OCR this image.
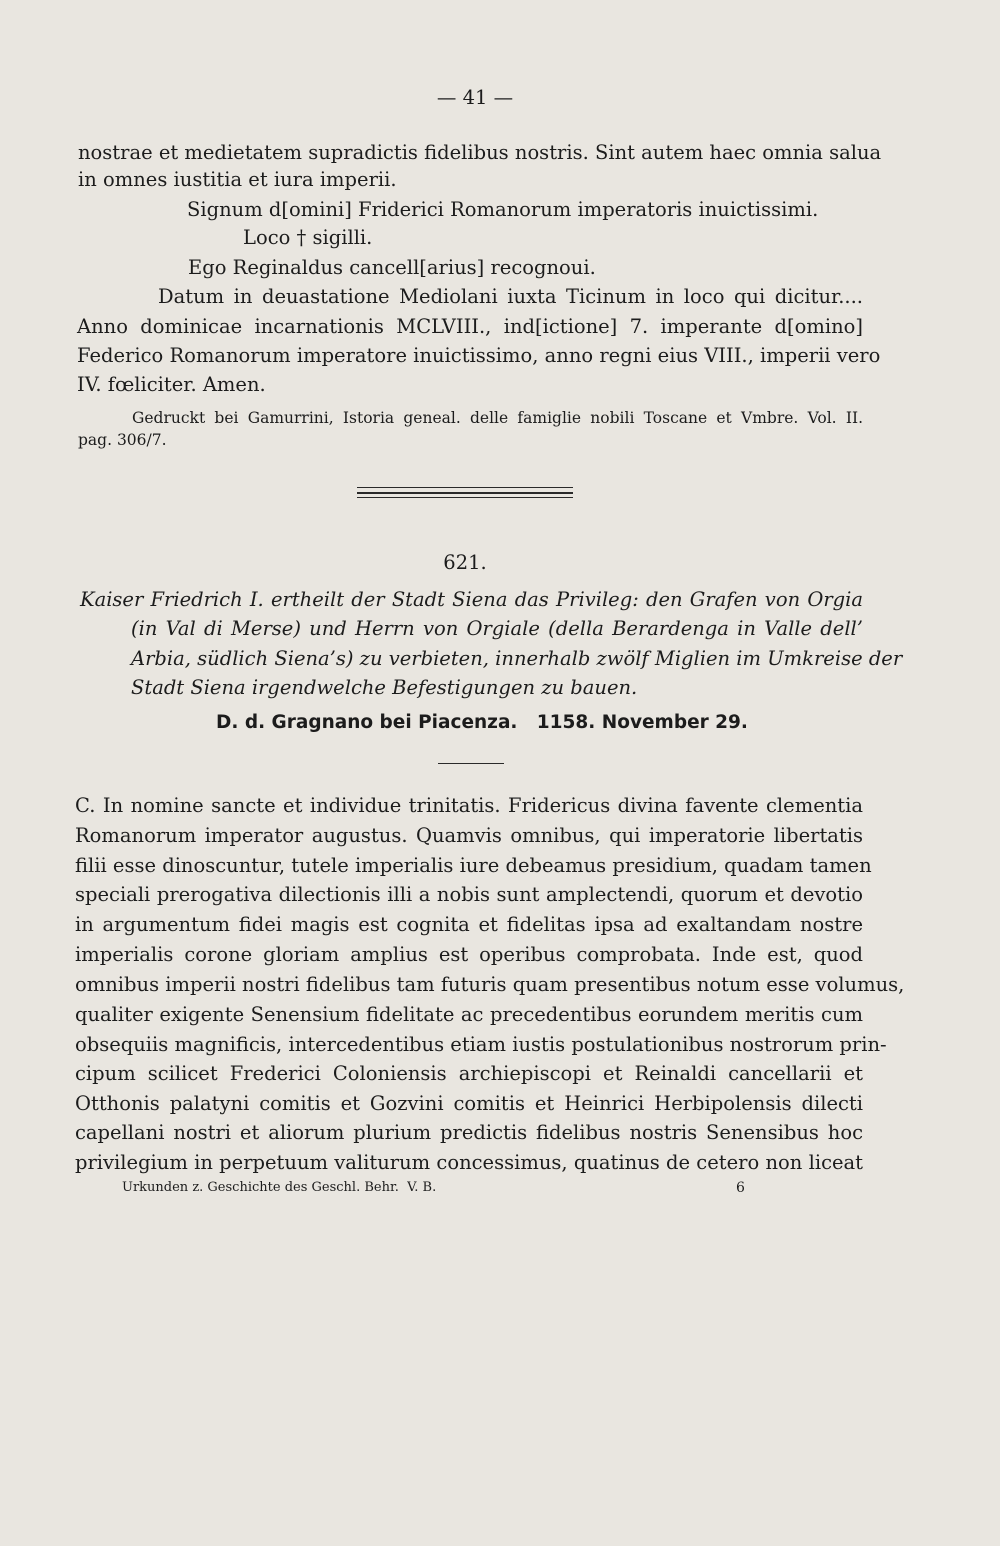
— 41 —
nostrae et medietatem supradictis fidelibus nostris. Sint autem haec omnia salua
in omnes iustitia et iura imperii.
Signum d[omini] Friderici Romanorum imperatoris inuictissimi.
Loco † sigilli.
Ego Reginaldus cancell[arius] recognoui.
Datum in deuastatione Mediolani iuxta Ticinum in loco qui dicitur....
Anno dominicae incarnationis MCLVIII., ind[ictione] 7. imperante d[omino]
Federico Romanorum imperatore inuictissimo, anno regni eius VIII., imperii vero
IV. fœliciter. Amen.
Gedruckt bei Gamurrini, Istoria geneal. delle famiglie nobili Toscane et Vmbre. Vol. II.
pag. 306/7.
621.
Kaiser Friedrich I. ertheilt der Stadt Siena das Privileg: den Grafen von Orgia
(in Val di Merse) und Herrn von Orgiale (della Berardenga in Valle dell’
Arbia, südlich Siena’s) zu verbieten, innerhalb zwölf Miglien im Umkreise der
Stadt Siena irgendwelche Befestigungen zu bauen.
D. d. Gragnano bei Piacenza.   1158. November 29.
C. In nomine sancte et individue trinitatis. Fridericus divina favente clementia
Romanorum imperator augustus. Quamvis omnibus, qui imperatorie libertatis
filii esse dinoscuntur, tutele imperialis iure debeamus presidium, quadam tamen
speciali prerogativa dilectionis illi a nobis sunt amplectendi, quorum et devotio
in argumentum fidei magis est cognita et fidelitas ipsa ad exaltandam nostre
imperialis corone gloriam amplius est operibus comprobata. Inde est, quod
omnibus imperii nostri fidelibus tam futuris quam presentibus notum esse volumus,
qualiter exigente Senensium fidelitate ac precedentibus eorundem meritis cum
obsequiis magnificis, intercedentibus etiam iustis postulationibus nostrorum prin-
cipum scilicet Frederici Coloniensis archiepiscopi et Reinaldi cancellarii et
Otthonis palatyni comitis et Gozvini comitis et Heinrici Herbipolensis dilecti
capellani nostri et aliorum plurium predictis fidelibus nostris Senensibus hoc
privilegium in perpetuum valiturum concessimus, quatinus de cetero non liceat
Urkunden z. Geschichte des Geschl. Behr.  V. B.	6
